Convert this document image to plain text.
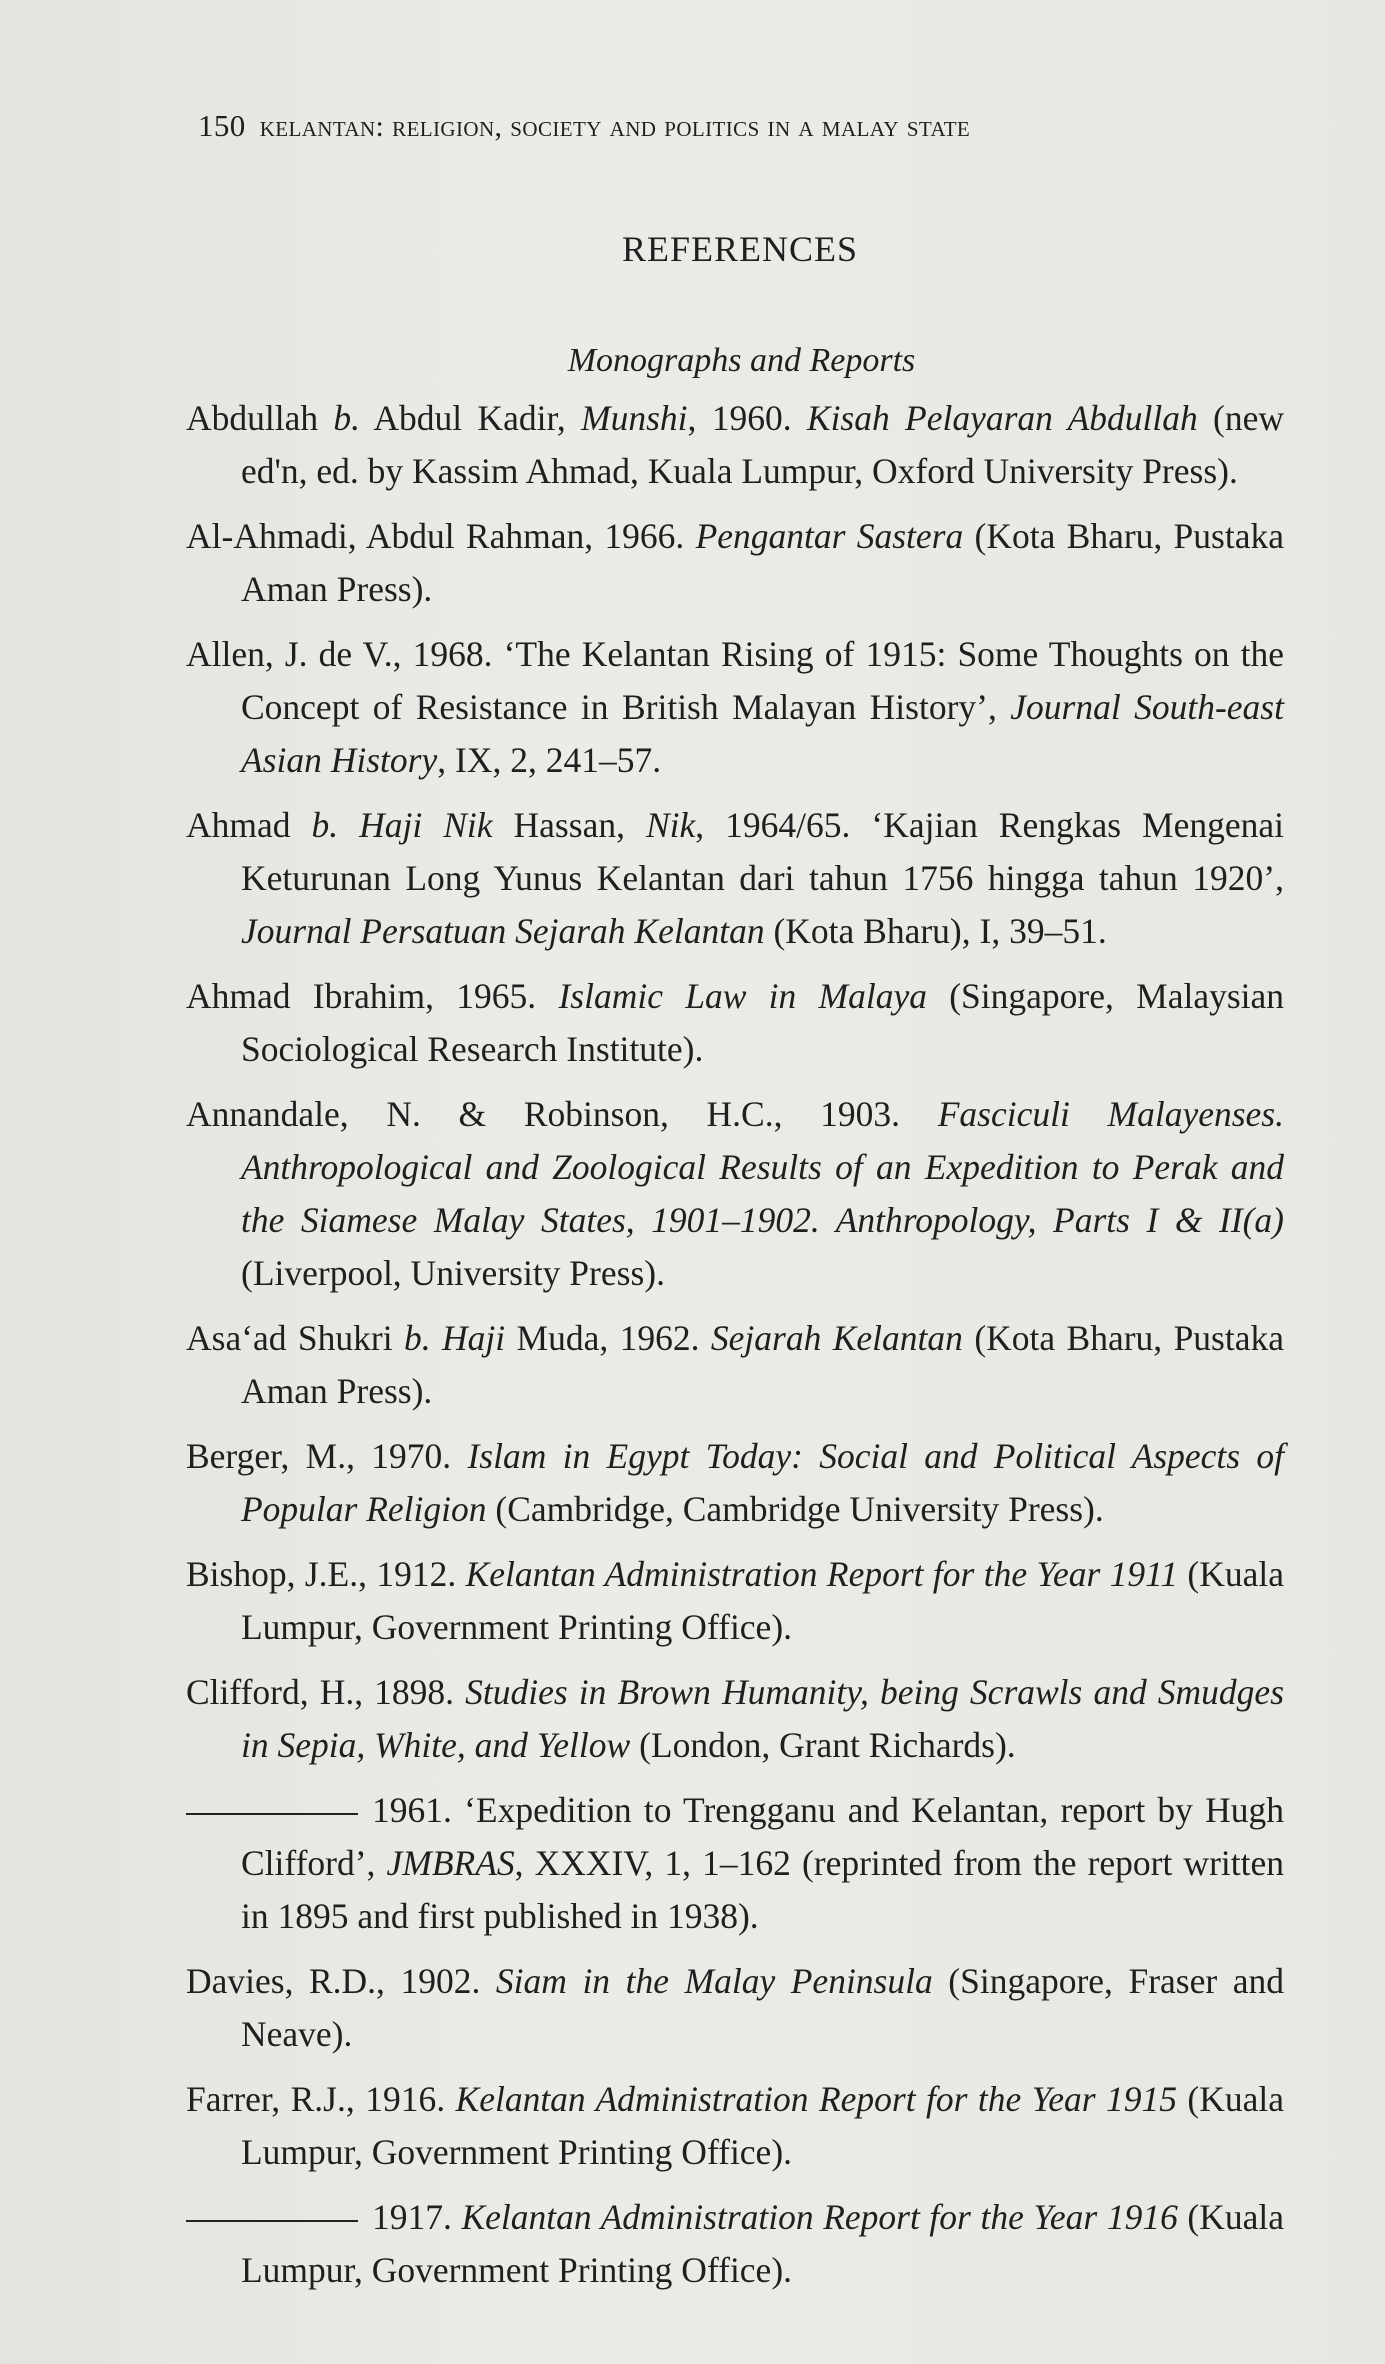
150 kelantan: religion, society and politics in a malay state
REFERENCES
Monographs and Reports

Abdullah b. Abdul Kadir, Munshi, 1960. Kisah Pelayaran Abdullah (new ed'n, ed. by Kassim Ahmad, Kuala Lumpur, Oxford University Press).

Al-Ahmadi, Abdul Rahman, 1966. Pengantar Sastera (Kota Bharu, Pustaka Aman Press).

Allen, J. de V., 1968. ‘The Kelantan Rising of 1915: Some Thoughts on the Concept of Resistance in British Malayan History’, Journal South-east Asian History, IX, 2, 241–57.

Ahmad b. Haji Nik Hassan, Nik, 1964/65. ‘Kajian Rengkas Mengenai Keturunan Long Yunus Kelantan dari tahun 1756 hingga tahun 1920’, Journal Persatuan Sejarah Kelantan (Kota Bharu), I, 39–51.

Ahmad Ibrahim, 1965. Islamic Law in Malaya (Singapore, Malaysian Sociological Research Institute).

Annandale, N. & Robinson, H.C., 1903. Fasciculi Malayenses. Anthropological and Zoological Results of an Expedition to Perak and the Siamese Malay States, 1901–1902. Anthropology, Parts I & II(a) (Liverpool, University Press).

Asa‘ad Shukri b. Haji Muda, 1962. Sejarah Kelantan (Kota Bharu, Pustaka Aman Press).

Berger, M., 1970. Islam in Egypt Today: Social and Political Aspects of Popular Religion (Cambridge, Cambridge University Press).

Bishop, J.E., 1912. Kelantan Administration Report for the Year 1911 (Kuala Lumpur, Government Printing Office).

Clifford, H., 1898. Studies in Brown Humanity, being Scrawls and Smudges in Sepia, White, and Yellow (London, Grant Richards).

1961. ‘Expedition to Trengganu and Kelantan, report by Hugh Clifford’, JMBRAS, XXXIV, 1, 1–162 (reprinted from the report written in 1895 and first published in 1938).

Davies, R.D., 1902. Siam in the Malay Peninsula (Singapore, Fraser and Neave).

Farrer, R.J., 1916. Kelantan Administration Report for the Year 1915 (Kuala Lumpur, Government Printing Office).

1917. Kelantan Administration Report for the Year 1916 (Kuala Lumpur, Government Printing Office).
